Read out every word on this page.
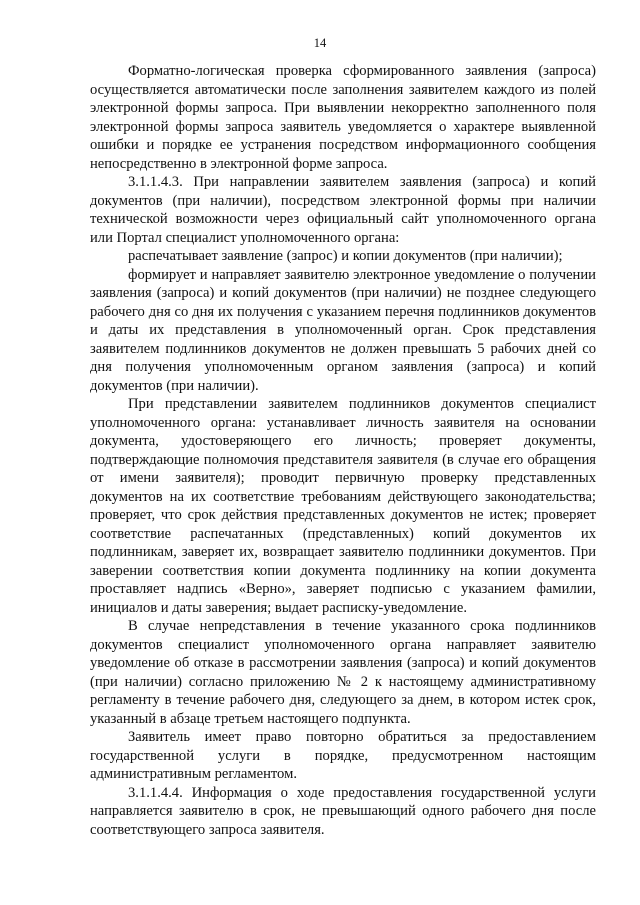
14

Форматно-логическая проверка сформированного заявления (запроса) осуществляется автоматически после заполнения заявителем каждого из полей электронной формы запроса. При выявлении некорректно заполненного поля электронной формы запроса заявитель уведомляется о характере выявленной ошибки и порядке ее устранения посредством информационного сообщения непосредственно в электронной форме запроса.

3.1.1.4.3. При направлении заявителем заявления (запроса) и копий документов (при наличии), посредством электронной формы при наличии технической возможности через официальный сайт уполномоченного органа или Портал специалист уполномоченного органа:

распечатывает заявление (запрос) и копии документов (при наличии);

формирует и направляет заявителю электронное уведомление о получении заявления (запроса) и копий документов (при наличии) не позднее следующего рабочего дня со дня их получения с указанием перечня подлинников документов и даты их представления в уполномоченный орган. Срок представления заявителем подлинников документов не должен превышать 5 рабочих дней со дня получения уполномоченным органом заявления (запроса) и копий документов (при наличии).

При представлении заявителем подлинников документов специалист уполномоченного органа: устанавливает личность заявителя на основании документа, удостоверяющего его личность; проверяет документы, подтверждающие полномочия представителя заявителя (в случае его обращения от имени заявителя); проводит первичную проверку представленных документов на их соответствие требованиям действующего законодательства; проверяет, что срок действия представленных документов не истек; проверяет соответствие распечатанных (представленных) копий документов их подлинникам, заверяет их, возвращает заявителю подлинники документов. При заверении соответствия копии документа подлиннику на копии документа проставляет надпись «Верно», заверяет подписью с указанием фамилии, инициалов и даты заверения; выдает расписку-уведомление.

В случае непредставления в течение указанного срока подлинников документов специалист уполномоченного органа направляет заявителю уведомление об отказе в рассмотрении заявления (запроса) и копий документов (при наличии) согласно приложению № 2 к настоящему административному регламенту в течение рабочего дня, следующего за днем, в котором истек срок, указанный в абзаце третьем настоящего подпункта.

Заявитель имеет право повторно обратиться за предоставлением государственной услуги в порядке, предусмотренном настоящим административным регламентом.

3.1.1.4.4. Информация о ходе предоставления государственной услуги направляется заявителю в срок, не превышающий одного рабочего дня после соответствующего запроса заявителя.
